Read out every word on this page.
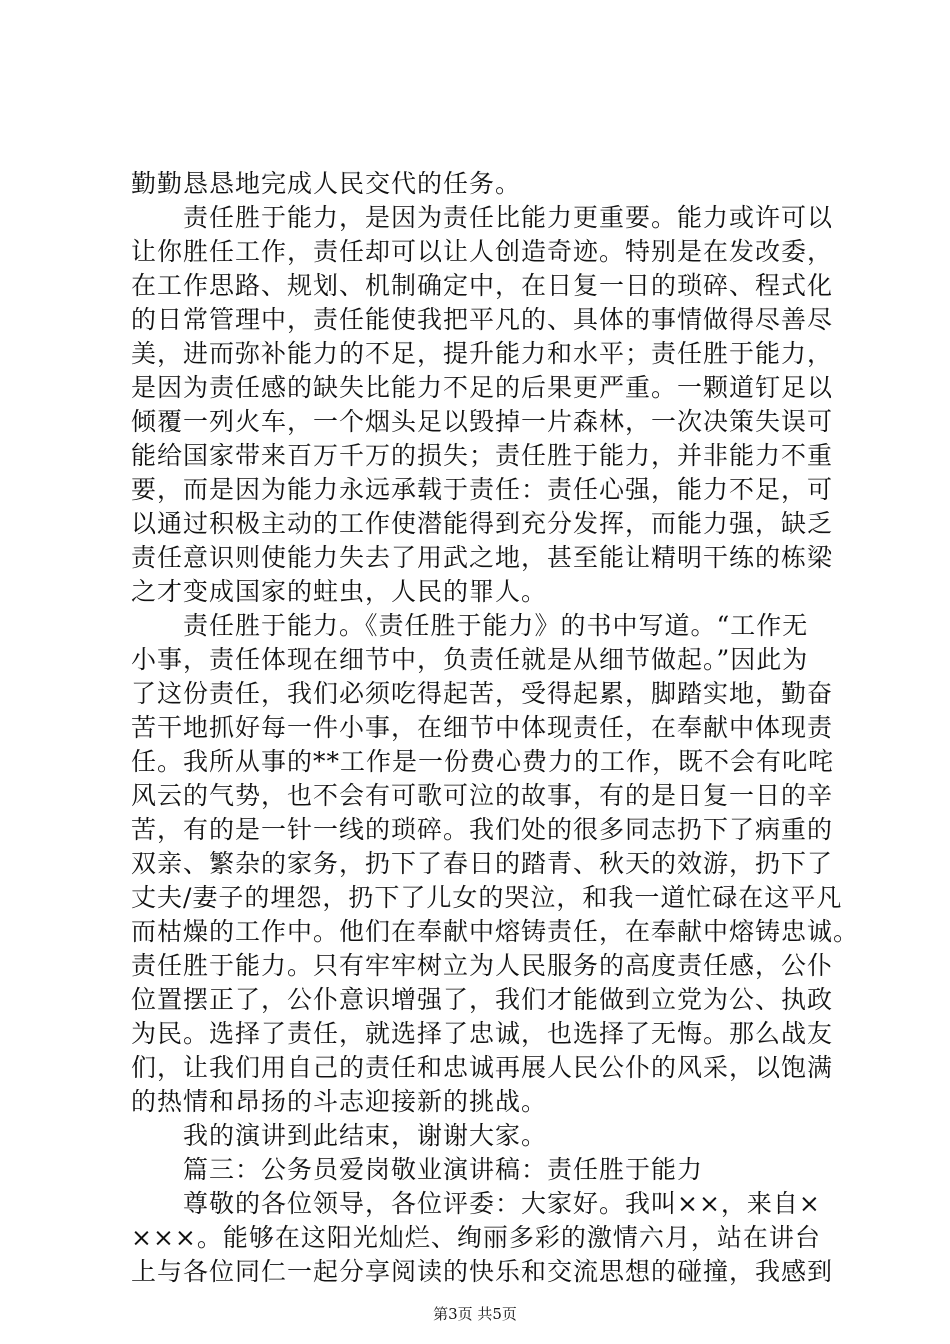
勤勤恳恳地完成人民交代的任务。
　　责任胜于能力，是因为责任比能力更重要。能力或许可以
让你胜任工作，责任却可以让人创造奇迹。特别是在发改委，
在工作思路、规划、机制确定中，在日复一日的琐碎、程式化
的日常管理中，责任能使我把平凡的、具体的事情做得尽善尽
美，进而弥补能力的不足，提升能力和水平；责任胜于能力，
是因为责任感的缺失比能力不足的后果更严重。一颗道钉足以
倾覆一列火车，一个烟头足以毁掉一片森林，一次决策失误可
能给国家带来百万千万的损失；责任胜于能力，并非能力不重
要，而是因为能力永远承载于责任：责任心强，能力不足，可
以通过积极主动的工作使潜能得到充分发挥，而能力强，缺乏
责任意识则使能力失去了用武之地，甚至能让精明干练的栋梁
之才变成国家的蛀虫，人民的罪人。
　　责任胜于能力。《责任胜于能力》的书中写道。“工作无
小事，责任体现在细节中，负责任就是从细节做起。”因此为
了这份责任，我们必须吃得起苦，受得起累，脚踏实地，勤奋
苦干地抓好每一件小事，在细节中体现责任，在奉献中体现责
任。我所从事的**工作是一份费心费力的工作，既不会有叱咤
风云的气势，也不会有可歌可泣的故事，有的是日复一日的辛
苦，有的是一针一线的琐碎。我们处的很多同志扔下了病重的
双亲、繁杂的家务，扔下了春日的踏青、秋天的效游，扔下了
丈夫/妻子的埋怨，扔下了儿女的哭泣，和我一道忙碌在这平凡
而枯燥的工作中。他们在奉献中熔铸责任，在奉献中熔铸忠诚。
责任胜于能力。只有牢牢树立为人民服务的高度责任感，公仆
位置摆正了，公仆意识增强了，我们才能做到立党为公、执政
为民。选择了责任，就选择了忠诚，也选择了无悔。那么战友
们，让我们用自己的责任和忠诚再展人民公仆的风采，以饱满
的热情和昂扬的斗志迎接新的挑战。
　　我的演讲到此结束，谢谢大家。
　　篇三：公务员爱岗敬业演讲稿：责任胜于能力
　　尊敬的各位领导，各位评委：大家好。我叫××，来自×
×××。能够在这阳光灿烂、绚丽多彩的激情六月，站在讲台
上与各位同仁一起分享阅读的快乐和交流思想的碰撞，我感到
第3页 共5页
